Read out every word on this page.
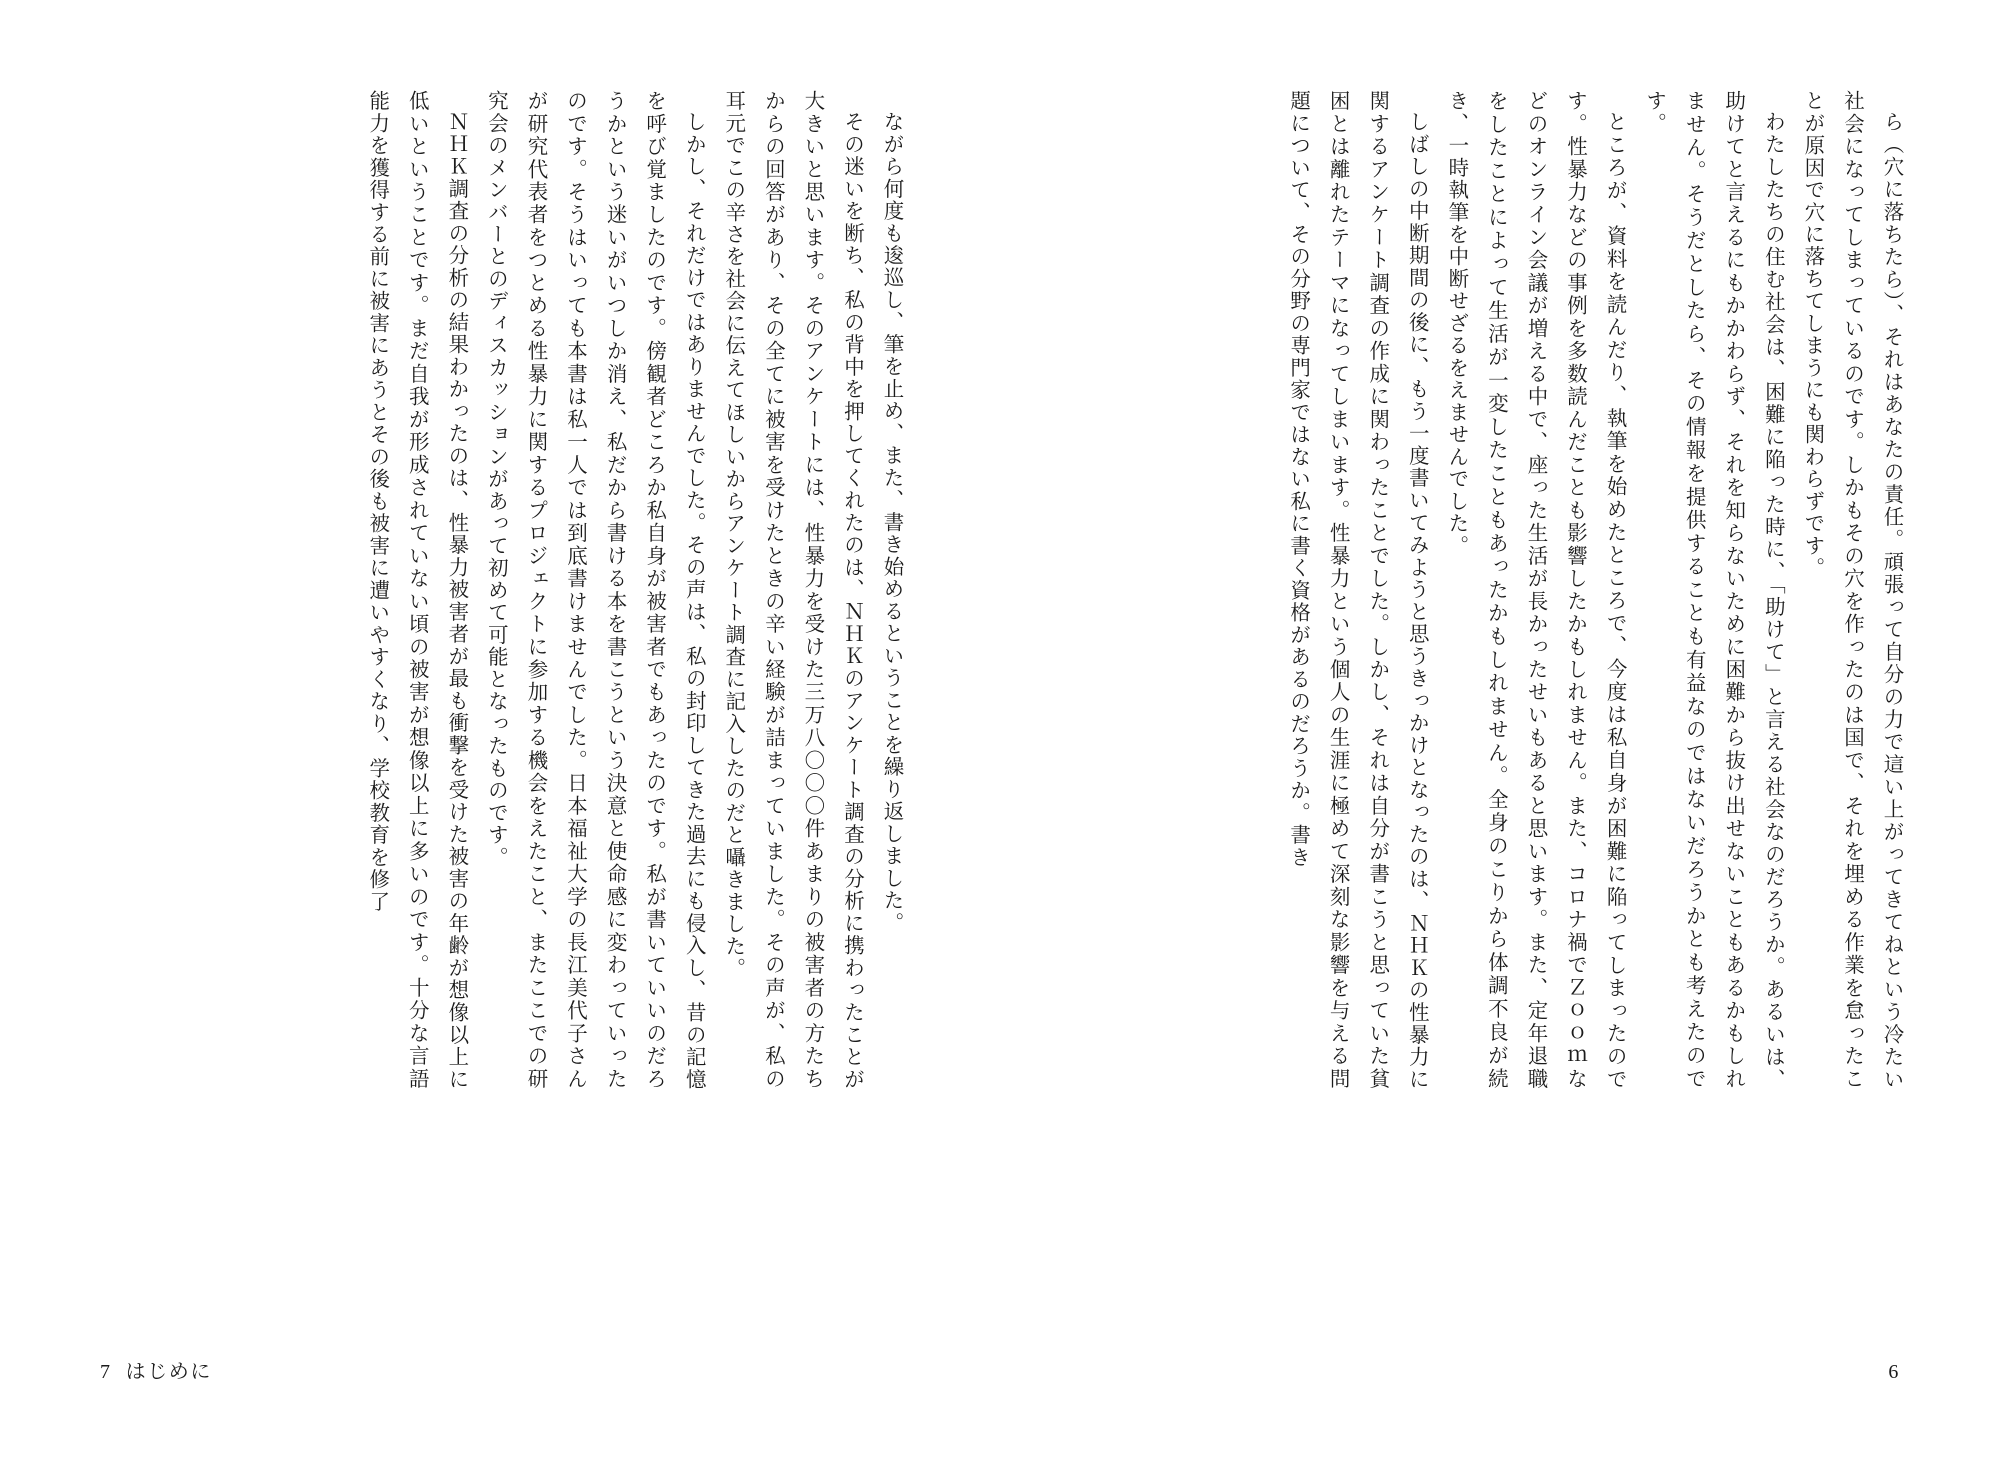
ら（穴に落ちたら）、それはあなたの責任。頑張って自分の力で這い上がってきてねという冷たい社会になってしまっているのです。しかもその穴を作ったのは国で、それを埋める作業を怠ったことが原因で穴に落ちてしまうにも関わらずです。

わたしたちの住む社会は、困難に陥った時に、「助けて」と言える社会なのだろうか。あるいは、助けてと言えるにもかかわらず、それを知らないために困難から抜け出せないこともあるかもしれません。そうだとしたら、その情報を提供することも有益なのではないだろうかとも考えたのです。

ところが、資料を読んだり、執筆を始めたところで、今度は私自身が困難に陥ってしまったのです。性暴力などの事例を多数読んだことも影響したかもしれません。また、コロナ禍でＺｏｏｍなどのオンライン会議が増える中で、座った生活が長かったせいもあると思います。また、定年退職をしたことによって生活が一変したこともあったかもしれません。全身のこりから体調不良が続き、一時執筆を中断せざるをえませんでした。

しばしの中断期間の後に、もう一度書いてみようと思うきっかけとなったのは、ＮＨＫの性暴力に関するアンケート調査の作成に関わったことでした。しかし、それは自分が書こうと思っていた貧困とは離れたテーマになってしまいます。性暴力という個人の生涯に極めて深刻な影響を与える問題について、その分野の専門家ではない私に書く資格があるのだろうか。書き

6

ながら何度も逡巡し、筆を止め、また、書き始めるということを繰り返しました。

その迷いを断ち、私の背中を押してくれたのは、ＮＨＫのアンケート調査の分析に携わったことが大きいと思います。そのアンケートには、性暴力を受けた三万八〇〇〇件あまりの被害者の方たちからの回答があり、その全てに被害を受けたときの辛い経験が詰まっていました。その声が、私の耳元でこの辛さを社会に伝えてほしいからアンケート調査に記入したのだと囁きました。

しかし、それだけではありませんでした。その声は、私の封印してきた過去にも侵入し、昔の記憶を呼び覚ましたのです。傍観者どころか私自身が被害者でもあったのです。私が書いていいのだろうかという迷いがいつしか消え、私だから書ける本を書こうという決意と使命感に変わっていったのです。そうはいっても本書は私一人では到底書けませんでした。日本福祉大学の長江美代子さんが研究代表者をつとめる性暴力に関するプロジェクトに参加する機会をえたこと、またここでの研究会のメンバーとのディスカッションがあって初めて可能となったものです。

ＮＨＫ調査の分析の結果わかったのは、性暴力被害者が最も衝撃を受けた被害の年齢が想像以上に低いということです。まだ自我が形成されていない頃の被害が想像以上に多いのです。十分な言語能力を獲得する前に被害にあうとその後も被害に遭いやすくなり、学校教育を修了

7 はじめに
